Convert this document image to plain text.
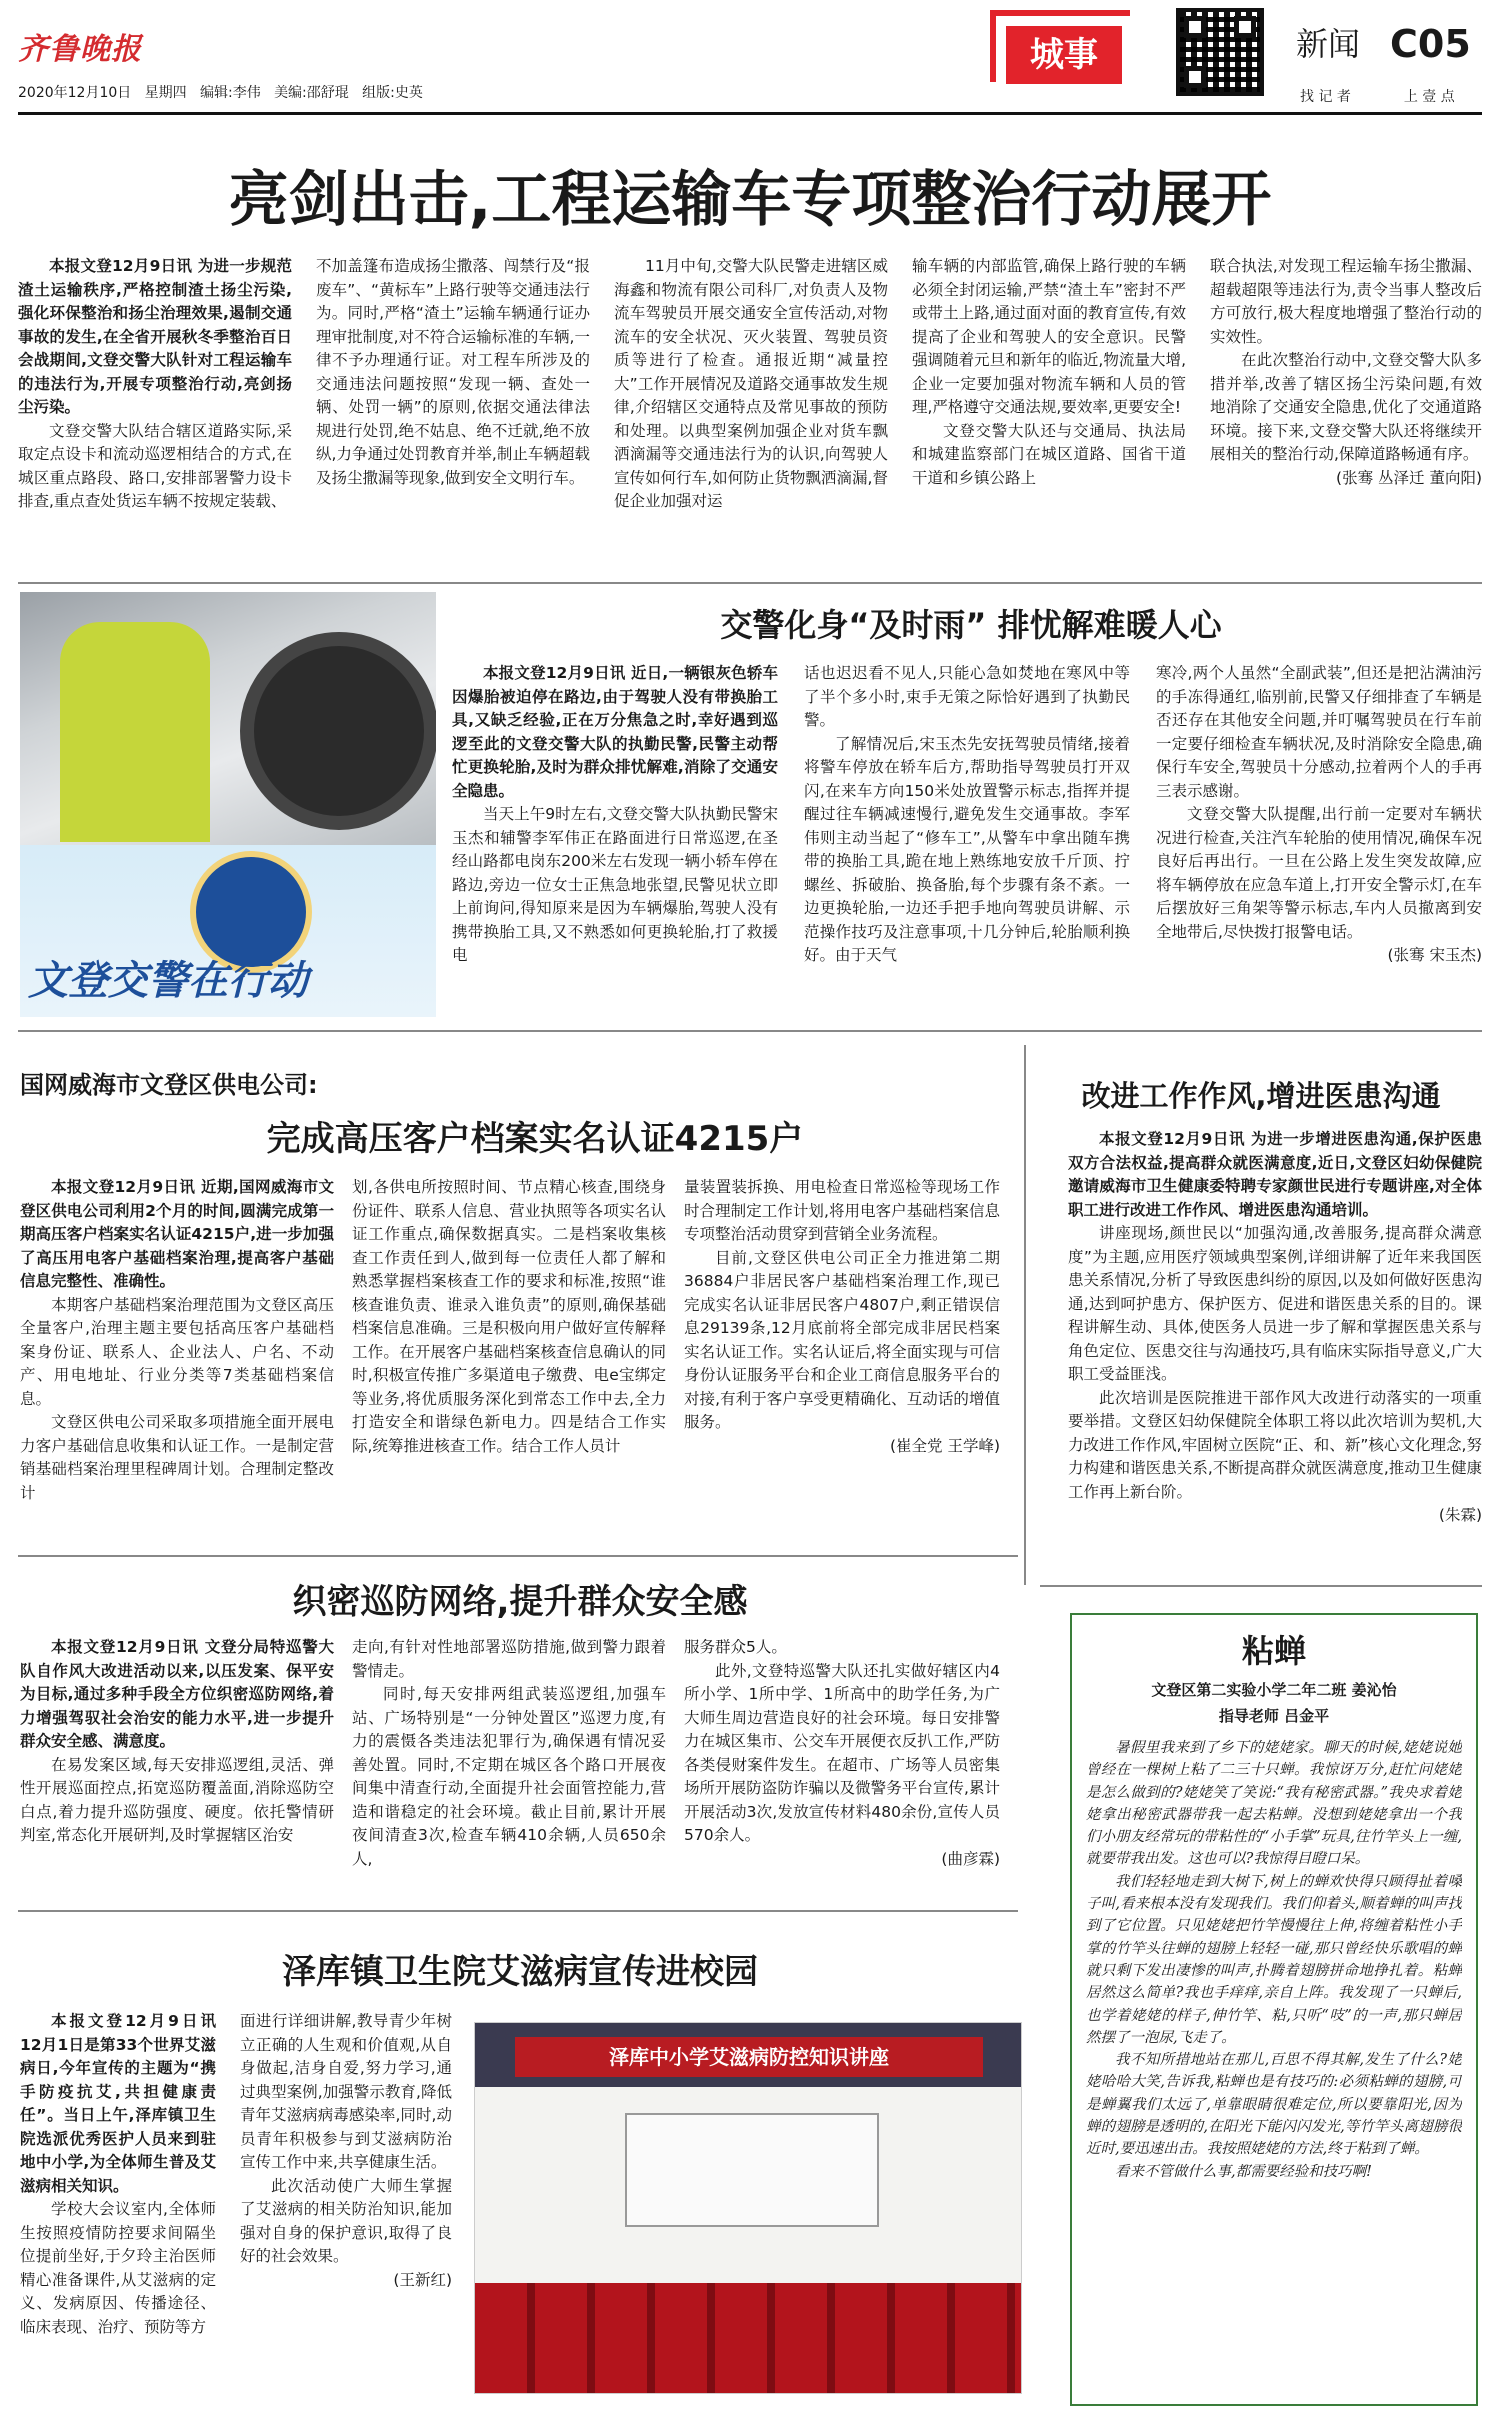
齐鲁晚报
2020年12月10日 星期四 编辑:李伟 美编:邵舒琨 组版:史英
城事	新闻 C05
找 记 者	上 壹 点
亮剑出击,工程运输车专项整治行动展开

本报文登12月9日讯 为进一步规范渣土运输秩序,严格控制渣土扬尘污染,强化环保整治和扬尘治理效果,遏制交通事故的发生,在全省开展秋冬季整治百日会战期间,文登交警大队针对工程运输车的违法行为,开展专项整治行动,亮剑扬尘污染。

文登交警大队结合辖区道路实际,采取定点设卡和流动巡逻相结合的方式,在城区重点路段、路口,安排部署警力设卡排查,重点查处货运车辆不按规定装载、

不加盖篷布造成扬尘撒落、闯禁行及“报废车”、“黄标车”上路行驶等交通违法行为。同时,严格“渣土”运输车辆通行证办理审批制度,对不符合运输标准的车辆,一律不予办理通行证。对工程车所涉及的交通违法问题按照“发现一辆、查处一辆、处罚一辆”的原则,依据交通法律法规进行处罚,绝不姑息、绝不迁就,绝不放纵,力争通过处罚教育并举,制止车辆超载及扬尘撒漏等现象,做到安全文明行车。

11月中旬,交警大队民警走进辖区威海鑫和物流有限公司科厂,对负责人及物流车驾驶员开展交通安全宣传活动,对物流车的安全状况、灭火装置、驾驶员资质等进行了检查。通报近期“减量控大”工作开展情况及道路交通事故发生规律,介绍辖区交通特点及常见事故的预防和处理。以典型案例加强企业对货车飘洒滴漏等交通违法行为的认识,向驾驶人宣传如何行车,如何防止货物飘洒滴漏,督促企业加强对运

输车辆的内部监管,确保上路行驶的车辆必须全封闭运输,严禁“渣土车”密封不严或带土上路,通过面对面的教育宣传,有效提高了企业和驾驶人的安全意识。民警强调随着元旦和新年的临近,物流量大增,企业一定要加强对物流车辆和人员的管理,严格遵守交通法规,要效率,更要安全!

文登交警大队还与交通局、执法局和城建监察部门在城区道路、国省干道干道和乡镇公路上

联合执法,对发现工程运输车扬尘撒漏、超载超限等违法行为,责令当事人整改后方可放行,极大程度地增强了整治行动的实效性。

在此次整治行动中,文登交警大队多措并举,改善了辖区扬尘污染问题,有效地消除了交通安全隐患,优化了交通道路环境。接下来,文登交警大队还将继续开展相关的整治行动,保障道路畅通有序。

(张骞 丛泽迁 董向阳)
文登交警在行动
交警化身“及时雨” 排忧解难暖人心

本报文登12月9日讯 近日,一辆银灰色轿车因爆胎被迫停在路边,由于驾驶人没有带换胎工具,又缺乏经验,正在万分焦急之时,幸好遇到巡逻至此的文登交警大队的执勤民警,民警主动帮忙更换轮胎,及时为群众排忧解难,消除了交通安全隐患。

当天上午9时左右,文登交警大队执勤民警宋玉杰和辅警李军伟正在路面进行日常巡逻,在圣经山路都电岗东200米左右发现一辆小轿车停在路边,旁边一位女士正焦急地张望,民警见状立即上前询问,得知原来是因为车辆爆胎,驾驶人没有携带换胎工具,又不熟悉如何更换轮胎,打了救援电

话也迟迟看不见人,只能心急如焚地在寒风中等了半个多小时,束手无策之际恰好遇到了执勤民警。

了解情况后,宋玉杰先安抚驾驶员情绪,接着将警车停放在轿车后方,帮助指导驾驶员打开双闪,在来车方向150米处放置警示标志,指挥并提醒过往车辆减速慢行,避免发生交通事故。李军伟则主动当起了“修车工”,从警车中拿出随车携带的换胎工具,跪在地上熟练地安放千斤顶、拧螺丝、拆破胎、换备胎,每个步骤有条不紊。一边更换轮胎,一边还手把手地向驾驶员讲解、示范操作技巧及注意事项,十几分钟后,轮胎顺利换好。由于天气

寒冷,两个人虽然“全副武装”,但还是把沾满油污的手冻得通红,临别前,民警又仔细排查了车辆是否还存在其他安全问题,并叮嘱驾驶员在行车前一定要仔细检查车辆状况,及时消除安全隐患,确保行车安全,驾驶员十分感动,拉着两个人的手再三表示感谢。

文登交警大队提醒,出行前一定要对车辆状况进行检查,关注汽车轮胎的使用情况,确保车况良好后再出行。一旦在公路上发生突发故障,应将车辆停放在应急车道上,打开安全警示灯,在车后摆放好三角架等警示标志,车内人员撤离到安全地带后,尽快拨打报警电话。

(张骞 宋玉杰)
国网威海市文登区供电公司:
完成高压客户档案实名认证4215户

本报文登12月9日讯 近期,国网威海市文登区供电公司利用2个月的时间,圆满完成第一期高压客户档案实名认证4215户,进一步加强了高压用电客户基础档案治理,提高客户基础信息完整性、准确性。

本期客户基础档案治理范围为文登区高压全量客户,治理主题主要包括高压客户基础档案身份证、联系人、企业法人、户名、不动产、用电地址、行业分类等7类基础档案信息。

文登区供电公司采取多项措施全面开展电力客户基础信息收集和认证工作。一是制定营销基础档案治理里程碑周计划。合理制定整改计

划,各供电所按照时间、节点精心核查,围绕身份证件、联系人信息、营业执照等各项实名认证工作重点,确保数据真实。二是档案收集核查工作责任到人,做到每一位责任人都了解和熟悉掌握档案核查工作的要求和标准,按照“谁核查谁负责、谁录入谁负责”的原则,确保基础档案信息准确。三是积极向用户做好宣传解释工作。在开展客户基础档案核查信息确认的同时,积极宣传推广多渠道电子缴费、电e宝绑定等业务,将优质服务深化到常态工作中去,全力打造安全和谐绿色新电力。四是结合工作实际,统筹推进核查工作。结合工作人员计

量装置装拆换、用电检查日常巡检等现场工作时合理制定工作计划,将用电客户基础档案信息专项整治活动贯穿到营销全业务流程。

目前,文登区供电公司正全力推进第二期36884户非居民客户基础档案治理工作,现已完成实名认证非居民客户4807户,剩正错误信息29139条,12月底前将全部完成非居民档案实名认证工作。实名认证后,将全面实现与可信身份认证服务平台和企业工商信息服务平台的对接,有利于客户享受更精确化、互动话的增值服务。

(崔全党 王学峰)
改进工作作风,增进医患沟通

本报文登12月9日讯 为进一步增进医患沟通,保护医患双方合法权益,提高群众就医满意度,近日,文登区妇幼保健院邀请威海市卫生健康委特聘专家颜世民进行专题讲座,对全体职工进行改进工作作风、增进医患沟通培训。

讲座现场,颜世民以“加强沟通,改善服务,提高群众满意度”为主题,应用医疗领域典型案例,详细讲解了近年来我国医患关系情况,分析了导致医患纠纷的原因,以及如何做好医患沟通,达到呵护患方、保护医方、促进和谐医患关系的目的。课程讲解生动、具体,使医务人员进一步了解和掌握医患关系与角色定位、医患交往与沟通技巧,具有临床实际指导意义,广大职工受益匪浅。

此次培训是医院推进干部作风大改进行动落实的一项重要举措。文登区妇幼保健院全体职工将以此次培训为契机,大力改进工作作风,牢固树立医院“正、和、新”核心文化理念,努力构建和谐医患关系,不断提高群众就医满意度,推动卫生健康工作再上新台阶。

(朱霖)
织密巡防网络,提升群众安全感

本报文登12月9日讯 文登分局特巡警大队自作风大改进活动以来,以压发案、保平安为目标,通过多种手段全方位织密巡防网络,着力增强驾驭社会治安的能力水平,进一步提升群众安全感、满意度。

在易发案区域,每天安排巡逻组,灵活、弹性开展巡面控点,拓宽巡防覆盖面,消除巡防空白点,着力提升巡防强度、硬度。依托警情研判室,常态化开展研判,及时掌握辖区治安

走向,有针对性地部署巡防措施,做到警力跟着警情走。

同时,每天安排两组武装巡逻组,加强车站、广场特别是“一分钟处置区”巡逻力度,有力的震慑各类违法犯罪行为,确保遇有情况妥善处置。同时,不定期在城区各个路口开展夜间集中清查行动,全面提升社会面管控能力,营造和谐稳定的社会环境。截止目前,累计开展夜间清查3次,检查车辆410余辆,人员650余人,

服务群众5人。

此外,文登特巡警大队还扎实做好辖区内4所小学、1所中学、1所高中的助学任务,为广大师生周边营造良好的社会环境。每日安排警力在城区集市、公交车开展便衣反扒工作,严防各类侵财案件发生。在超市、广场等人员密集场所开展防盗防诈骗以及微警务平台宣传,累计开展活动3次,发放宣传材料480余份,宣传人员570余人。

(曲彦霖)
泽库镇卫生院艾滋病宣传进校园

本报文登12月9日讯 12月1日是第33个世界艾滋病日,今年宣传的主题为“携手防疫抗艾,共担健康责任”。当日上午,泽库镇卫生院选派优秀医护人员来到驻地中小学,为全体师生普及艾滋病相关知识。

学校大会议室内,全体师生按照疫情防控要求间隔坐位提前坐好,于夕玲主治医师精心准备课件,从艾滋病的定义、发病原因、传播途径、临床表现、治疗、预防等方

面进行详细讲解,教导青少年树立正确的人生观和价值观,从自身做起,洁身自爱,努力学习,通过典型案例,加强警示教育,降低青年艾滋病病毒感染率,同时,动员青年积极参与到艾滋病防治宣传工作中来,共享健康生活。

此次活动使广大师生掌握了艾滋病的相关防治知识,能加强对自身的保护意识,取得了良好的社会效果。

(王新红)
泽库中小学艾滋病防控知识讲座
粘蝉
文登区第二实验小学二年二班 姜沁怡
指导老师 吕金平

暑假里我来到了乡下的姥姥家。聊天的时候,姥姥说她曾经在一棵树上粘了二三十只蝉。我惊讶万分,赶忙问姥姥是怎么做到的?姥姥笑了笑说:“我有秘密武器。”我央求着姥姥拿出秘密武器带我一起去粘蝉。没想到姥姥拿出一个我们小朋友经常玩的带粘性的“小手掌”玩具,往竹竿头上一缠,就要带我出发。这也可以?我惊得目瞪口呆。

我们轻轻地走到大树下,树上的蝉欢快得只顾得扯着嗓子叫,看来根本没有发现我们。我们仰着头,顺着蝉的叫声找到了它位置。只见姥姥把竹竿慢慢往上伸,将缠着粘性小手掌的竹竿头往蝉的翅膀上轻轻一碰,那只曾经快乐歌唱的蝉就只剩下发出凄惨的叫声,扑腾着翅膀拼命地挣扎着。粘蝉居然这么简单?我也手痒痒,亲自上阵。我发现了一只蝉后,也学着姥姥的样子,伸竹竿、粘,只听“吱”的一声,那只蝉居然摆了一泡尿,飞走了。

我不知所措地站在那儿,百思不得其解,发生了什么?姥姥哈哈大笑,告诉我,粘蝉也是有技巧的:必须粘蝉的翅膀,可是蝉翼我们太远了,单靠眼睛很难定位,所以要靠阳光,因为蝉的翅膀是透明的,在阳光下能闪闪发光,等竹竿头离翅膀很近时,要迅速出击。我按照姥姥的方法,终于粘到了蝉。

看来不管做什么事,都需要经验和技巧啊!
